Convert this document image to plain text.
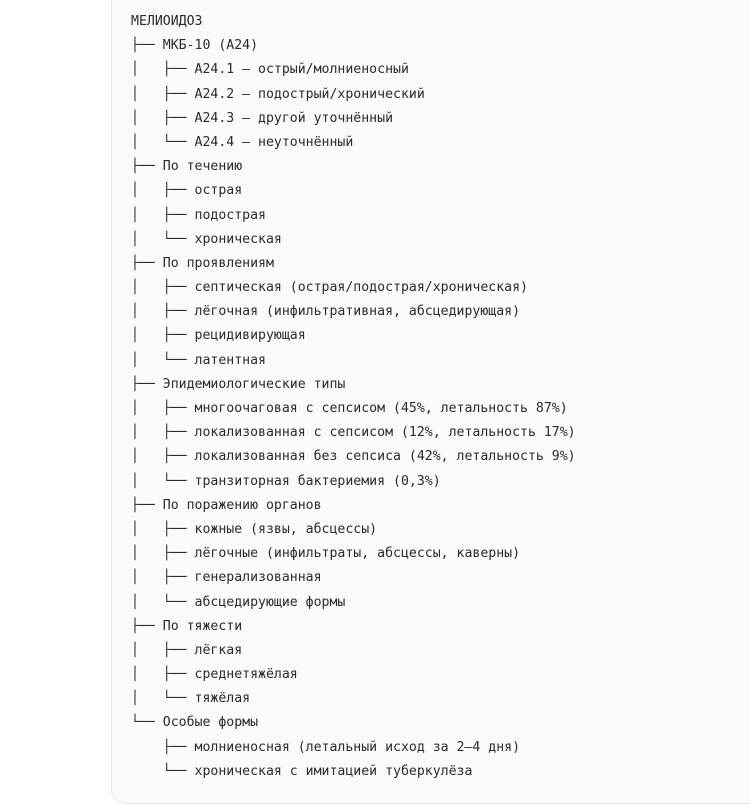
МЕЛИОИДОЗ
├── МКБ-10 (A24)
│   ├── A24.1 — острый/молниеносный
│   ├── A24.2 — подострый/хронический
│   ├── A24.3 — другой уточнённый
│   └── A24.4 — неуточнённый
├── По течению
│   ├── острая
│   ├── подострая
│   └── хроническая
├── По проявлениям
│   ├── септическая (острая/подострая/хроническая)
│   ├── лёгочная (инфильтративная, абсцедирующая)
│   ├── рецидивирующая
│   └── латентная
├── Эпидемиологические типы
│   ├── многоочаговая с сепсисом (45%, летальность 87%)
│   ├── локализованная с сепсисом (12%, летальность 17%)
│   ├── локализованная без сепсиса (42%, летальность 9%)
│   └── транзиторная бактериемия (0,3%)
├── По поражению органов
│   ├── кожные (язвы, абсцессы)
│   ├── лёгочные (инфильтраты, абсцессы, каверны)
│   ├── генерализованная
│   └── абсцедирующие формы
├── По тяжести
│   ├── лёгкая
│   ├── среднетяжёлая
│   └── тяжёлая
└── Особые формы
├── молниеносная (летальный исход за 2–4 дня)
└── хроническая с имитацией туберкулёза
